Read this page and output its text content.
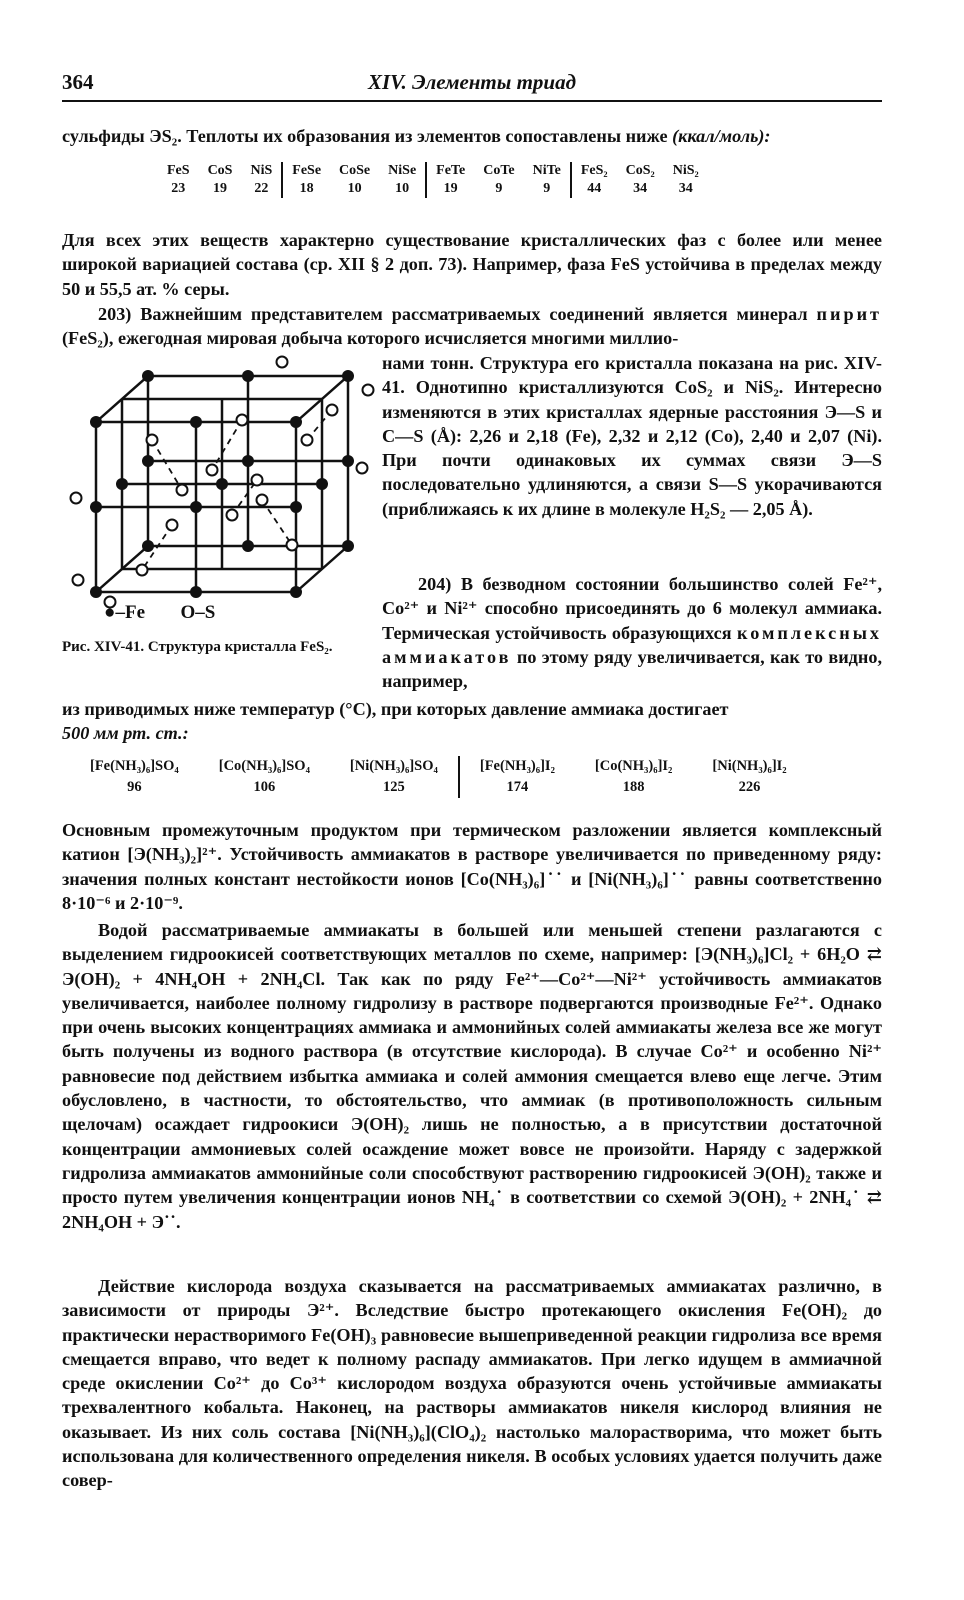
364	XIV. Элементы триад
сульфиды ЭS₂. Теплоты их образования из элементов сопоставлены ниже (ккал/моль):
FeS	CoS	NiS	FeSe	CoSe	NiSe	FeTe	CoTe	NiTe	FeS₂	CoS₂	NiS₂
23	19	22	18	10	10	19	9	9	44	34	34
Для всех этих веществ характерно существование кристаллических фаз с более или менее широкой вариацией состава (ср. XII § 2 доп. 73). Например, фаза FeS устойчива в пределах между 50 и 55,5 ат. % серы.
203) Важнейшим представителем рассматриваемых соединений является минерал пирит (FeS₂), ежегодная мировая добыча которого исчисляется многими миллио-
●–Fe O–S
Рис. XIV-41. Структура кристалла FeS₂.
нами тонн. Структура его кристалла показана на рис. XIV-41. Однотипно кристаллизуются CoS₂ и NiS₂. Интересно изменяются в этих кристаллах ядерные расстояния Э—S и С—S (Å): 2,26 и 2,18 (Fe), 2,32 и 2,12 (Co), 2,40 и 2,07 (Ni). При почти одинаковых их суммах связи Э—S последовательно удлиняются, а связи S—S укорачиваются (приближаясь к их длине в молекуле H₂S₂ — 2,05 Å).
204) В безводном состоянии большинство солей Fe²⁺, Co²⁺ и Ni²⁺ способно присоединять до 6 молекул аммиака. Термическая устойчивость образующихся комплексных аммиакатов по этому ряду увеличивается, как то видно, например,
из приводимых ниже температур (°С), при которых давление аммиака достигает
500 мм рт. ст.:
[Fe(NH₃)₆]SO₄	[Co(NH₃)₆]SO₄	[Ni(NH₃)₆]SO₄	[Fe(NH₃)₆]I₂	[Co(NH₃)₆]I₂	[Ni(NH₃)₆]I₂
96	106	125	174	188	226
Основным промежуточным продуктом при термическом разложении является комплексный катион [Э(NH₃)₂]²⁺. Устойчивость аммиакатов в растворе увеличивается по приведенному ряду: значения полных констант нестойкости ионов [Co(NH₃)₆]˙˙ и [Ni(NH₃)₆]˙˙ равны соответственно 8·10⁻⁶ и 2·10⁻⁹.
Водой рассматриваемые аммиакаты в большей или меньшей степени разлагаются с выделением гидроокисей соответствующих металлов по схеме, например: [Э(NH₃)₆]Cl₂ + 6H₂O ⇄ Э(OH)₂ + 4NH₄OH + 2NH₄Cl. Так как по ряду Fe²⁺—Co²⁺—Ni²⁺ устойчивость аммиакатов увеличивается, наиболее полному гидролизу в растворе подвергаются производные Fe²⁺. Однако при очень высоких концентрациях аммиака и аммонийных солей аммиакаты железа все же могут быть получены из водного раствора (в отсутствие кислорода). В случае Co²⁺ и особенно Ni²⁺ равновесие под действием избытка аммиака и солей аммония смещается влево еще легче. Этим обусловлено, в частности, то обстоятельство, что аммиак (в противоположность сильным щелочам) осаждает гидроокиси Э(OH)₂ лишь не полностью, а в присутствии достаточной концентрации аммониевых солей осаждение может вовсе не произойти. Наряду с задержкой гидролиза аммиакатов аммонийные соли способствуют растворению гидроокисей Э(OH)₂ также и просто путем увеличения концентрации ионов NH₄˙ в соответствии со схемой Э(OH)₂ + 2NH₄˙ ⇄ 2NH₄OH + Э˙˙.
Действие кислорода воздуха сказывается на рассматриваемых аммиакатах различно, в зависимости от природы Э²⁺. Вследствие быстро протекающего окисления Fe(OH)₂ до практически нерастворимого Fe(OH)₃ равновесие вышеприведенной реакции гидролиза все время смещается вправо, что ведет к полному распаду аммиакатов. При легко идущем в аммиачной среде окислении Co²⁺ до Co³⁺ кислородом воздуха образуются очень устойчивые аммиакаты трехвалентного кобальта. Наконец, на растворы аммиакатов никеля кислород влияния не оказывает. Из них соль состава [Ni(NH₃)₆](ClO₄)₂ настолько малорастворима, что может быть использована для количественного определения никеля. В особых условиях удается получить даже совер-
